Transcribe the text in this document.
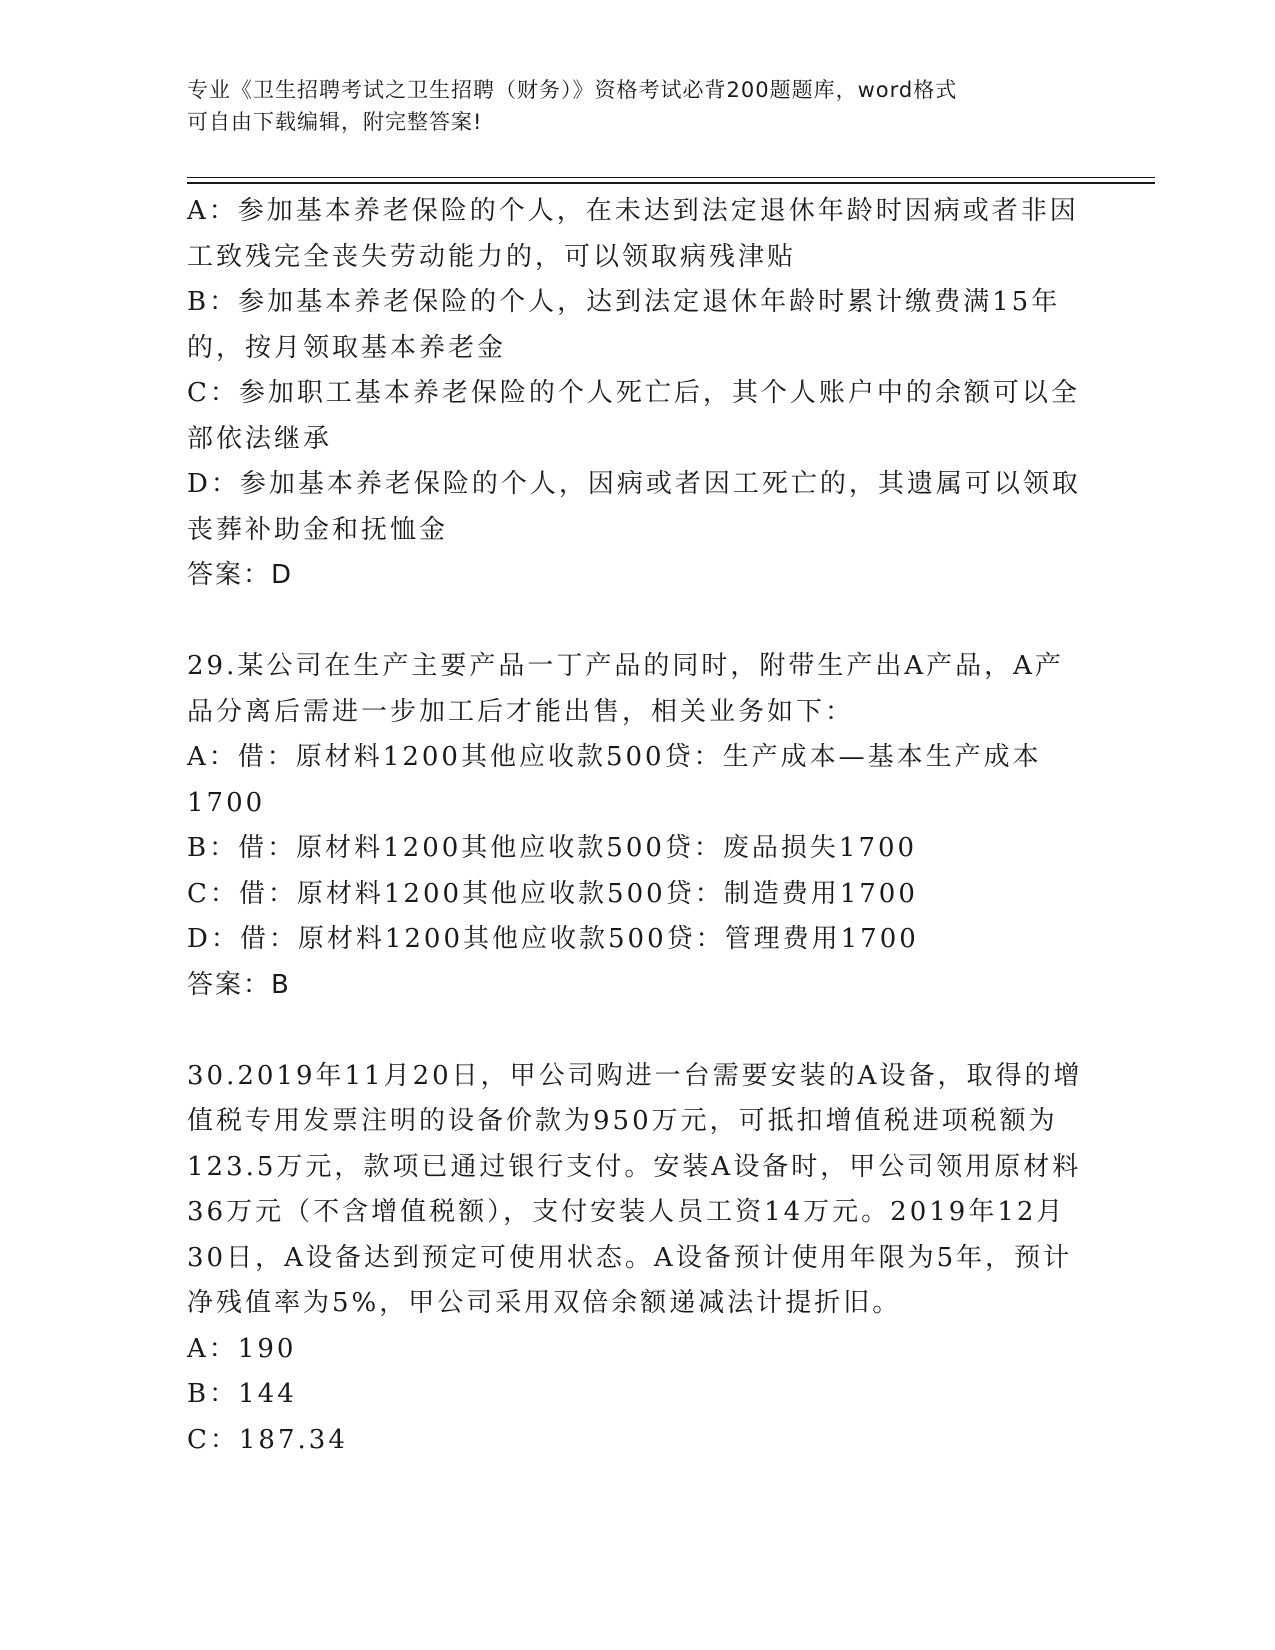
专业《卫生招聘考试之卫生招聘（财务）》资格考试必背200题题库，word格式
可自由下载编辑，附完整答案!

A：参加基本养老保险的个人，在未达到法定退休年龄时因病或者非因

工致残完全丧失劳动能力的，可以领取病残津贴

B：参加基本养老保险的个人，达到法定退休年龄时累计缴费满15年

的，按月领取基本养老金

C：参加职工基本养老保险的个人死亡后，其个人账户中的余额可以全

部依法继承

D：参加基本养老保险的个人，因病或者因工死亡的，其遗属可以领取

丧葬补助金和抚恤金

答案：D

29.某公司在生产主要产品一丁产品的同时，附带生产出A产品，A产

品分离后需进一步加工后才能出售，相关业务如下：

A：借：原材料1200其他应收款500贷：生产成本—基本生产成本

1700

B：借：原材料1200其他应收款500贷：废品损失1700

C：借：原材料1200其他应收款500贷：制造费用1700

D：借：原材料1200其他应收款500贷：管理费用1700

答案：B

30.2019年11月20日，甲公司购进一台需要安装的A设备，取得的增

值税专用发票注明的设备价款为950万元，可抵扣增值税进项税额为

123.5万元，款项已通过银行支付。安装A设备时，甲公司领用原材料

36万元（不含增值税额），支付安装人员工资14万元。2019年12月

30日，A设备达到预定可使用状态。A设备预计使用年限为5年，预计

净残值率为5%，甲公司采用双倍余额递减法计提折旧。

A：190

B：144

C：187.34
